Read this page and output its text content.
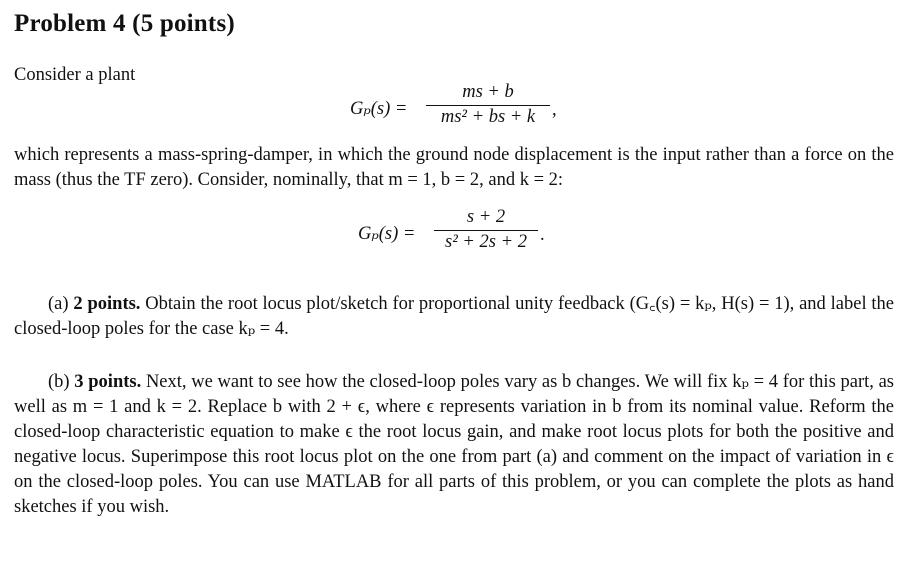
Problem 4 (5 points)

Consider a plant

Gₚ(s) =
ms + b
ms² + bs + k ,

which represents a mass-spring-damper, in which the ground node displacement is the input rather than a force on the mass (thus the TF zero). Consider, nominally, that m = 1, b = 2, and k = 2:

Gₚ(s) =
s + 2
s² + 2s + 2 .

(a) 2 points. Obtain the root locus plot/sketch for proportional unity feedback (G꜀(s) = kₚ, H(s) = 1), and label the closed-loop poles for the case kₚ = 4.

(b) 3 points. Next, we want to see how the closed-loop poles vary as b changes. We will fix kₚ = 4 for this part, as well as m = 1 and k = 2. Replace b with 2 + ϵ, where ϵ represents variation in b from its nominal value. Reform the closed-loop characteristic equation to make ϵ the root locus gain, and make root locus plots for both the positive and negative locus. Superimpose this root locus plot on the one from part (a) and comment on the impact of variation in ϵ on the closed-loop poles. You can use MATLAB for all parts of this problem, or you can complete the plots as hand sketches if you wish.
